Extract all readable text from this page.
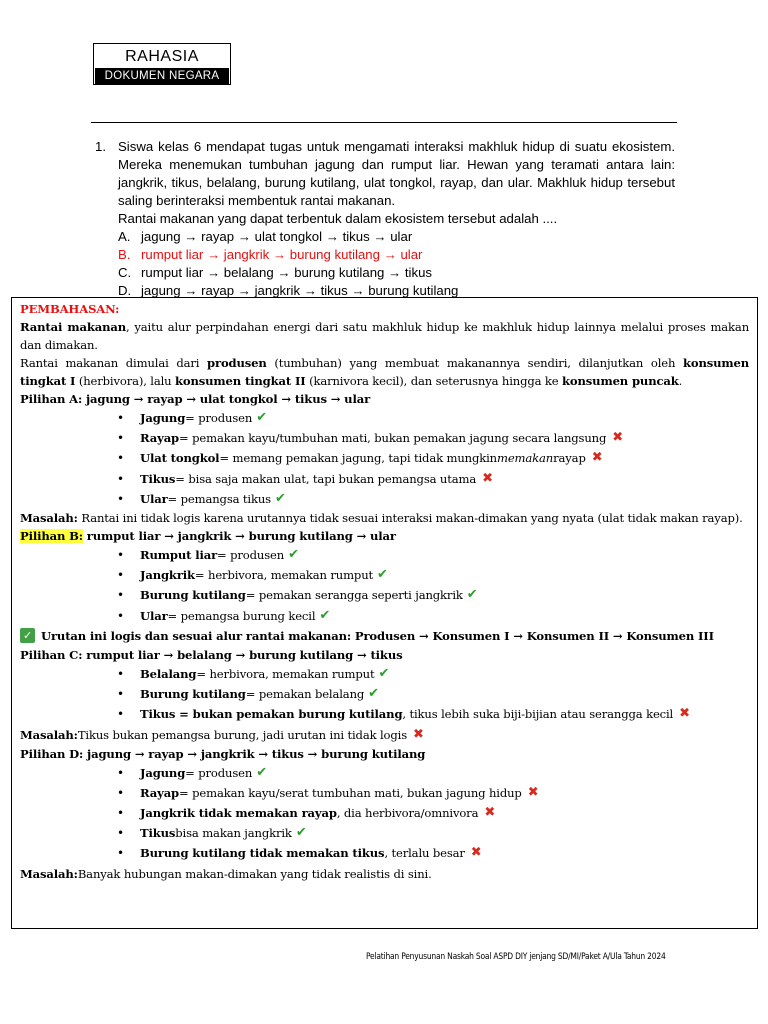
RAHASIA
DOKUMEN NEGARA
1. Siswa kelas 6 mendapat tugas untuk mengamati interaksi makhluk hidup di suatu ekosistem. Mereka menemukan tumbuhan jagung dan rumput liar. Hewan yang teramati antara lain: jangkrik, tikus, belalang, burung kutilang, ulat tongkol, rayap, dan ular. Makhluk hidup tersebut saling berinteraksi membentuk rantai makanan.
Rantai makanan yang dapat terbentuk dalam ekosistem tersebut adalah ....
A. jagung → rayap → ulat tongkol → tikus → ular
B. rumput liar → jangkrik → burung kutilang → ular
C. rumput liar → belalang → burung kutilang → tikus
D. jagung → rayap → jangkrik → tikus → burung kutilang
PEMBAHASAN:
Rantai makanan, yaitu alur perpindahan energi dari satu makhluk hidup ke makhluk hidup lainnya melalui proses makan dan dimakan.
Rantai makanan dimulai dari produsen (tumbuhan) yang membuat makanannya sendiri, dilanjutkan oleh konsumen tingkat I (herbivora), lalu konsumen tingkat II (karnivora kecil), dan seterusnya hingga ke konsumen puncak.
Pilihan A: jagung → rayap → ulat tongkol → tikus → ular
•	Jagung = produsen ✔
•	Rayap = pemakan kayu/tumbuhan mati, bukan pemakan jagung secara langsung ✖
•	Ulat tongkol = memang pemakan jagung, tapi tidak mungkin memakan rayap ✖
•	Tikus = bisa saja makan ulat, tapi bukan pemangsa utama ✖
•	Ular = pemangsa tikus ✔
Masalah: Rantai ini tidak logis karena urutannya tidak sesuai interaksi makan-dimakan yang nyata (ulat tidak makan rayap).
Pilihan B: rumput liar → jangkrik → burung kutilang → ular
•	Rumput liar = produsen ✔
•	Jangkrik = herbivora, memakan rumput ✔
•	Burung kutilang = pemakan serangga seperti jangkrik ✔
•	Ular = pemangsa burung kecil ✔
✓ Urutan ini logis dan sesuai alur rantai makanan: Produsen → Konsumen I → Konsumen II → Konsumen III
Pilihan C: rumput liar → belalang → burung kutilang → tikus
•	Belalang = herbivora, memakan rumput ✔
•	Burung kutilang = pemakan belalang ✔
•	Tikus = bukan pemakan burung kutilang , tikus lebih suka biji-bijian atau serangga kecil ✖
Masalah: Tikus bukan pemangsa burung, jadi urutan ini tidak logis ✖
Pilihan D: jagung → rayap → jangkrik → tikus → burung kutilang
•	Jagung = produsen ✔
•	Rayap = pemakan kayu/serat tumbuhan mati, bukan jagung hidup ✖
•	Jangkrik tidak memakan rayap , dia herbivora/omnivora ✖
•	Tikus bisa makan jangkrik ✔
•	Burung kutilang tidak memakan tikus , terlalu besar ✖
Masalah: Banyak hubungan makan-dimakan yang tidak realistis di sini.
Pelatihan Penyusunan Naskah Soal ASPD DIY jenjang SD/MI/Paket A/Ula Tahun 2024
